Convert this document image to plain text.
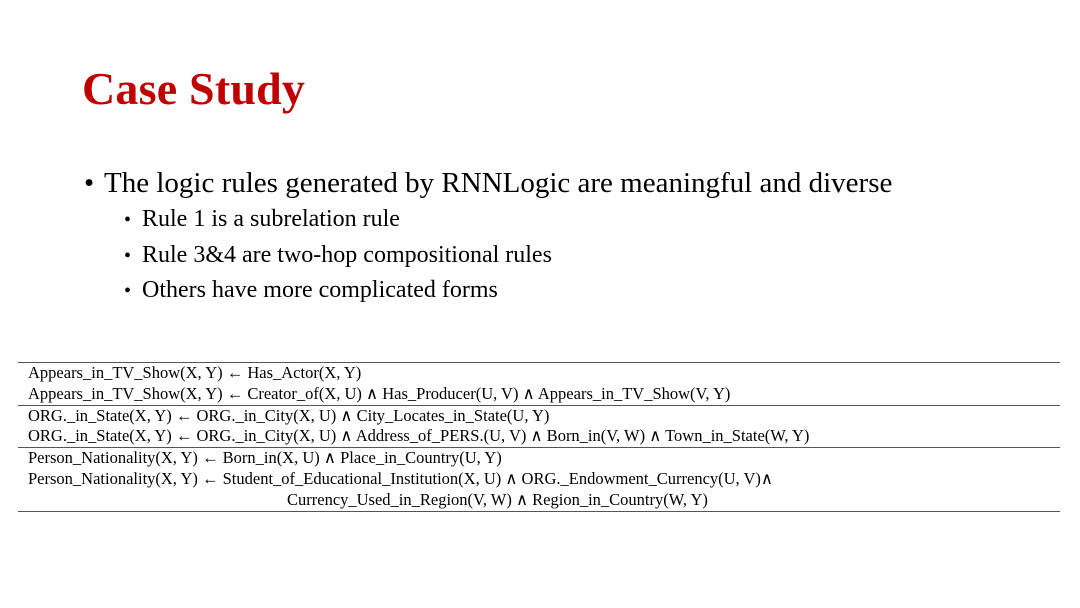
Case Study
• The logic rules generated by RNNLogic are meaningful and diverse
• Rule 1 is a subrelation rule
• Rule 3&4 are two-hop compositional rules
• Others have more complicated forms
Appears_in_TV_Show(X, Y) ← Has_Actor(X, Y)
Appears_in_TV_Show(X, Y) ← Creator_of(X, U) ∧ Has_Producer(U, V) ∧ Appears_in_TV_Show(V, Y)
ORG._in_State(X, Y) ← ORG._in_City(X, U) ∧ City_Locates_in_State(U, Y)
ORG._in_State(X, Y) ← ORG._in_City(X, U) ∧ Address_of_PERS.(U, V) ∧ Born_in(V, W) ∧ Town_in_State(W, Y)
Person_Nationality(X, Y) ← Born_in(X, U) ∧ Place_in_Country(U, Y)
Person_Nationality(X, Y) ← Student_of_Educational_Institution(X, U) ∧ ORG._Endowment_Currency(U, V)∧
Currency_Used_in_Region(V, W) ∧ Region_in_Country(W, Y)
